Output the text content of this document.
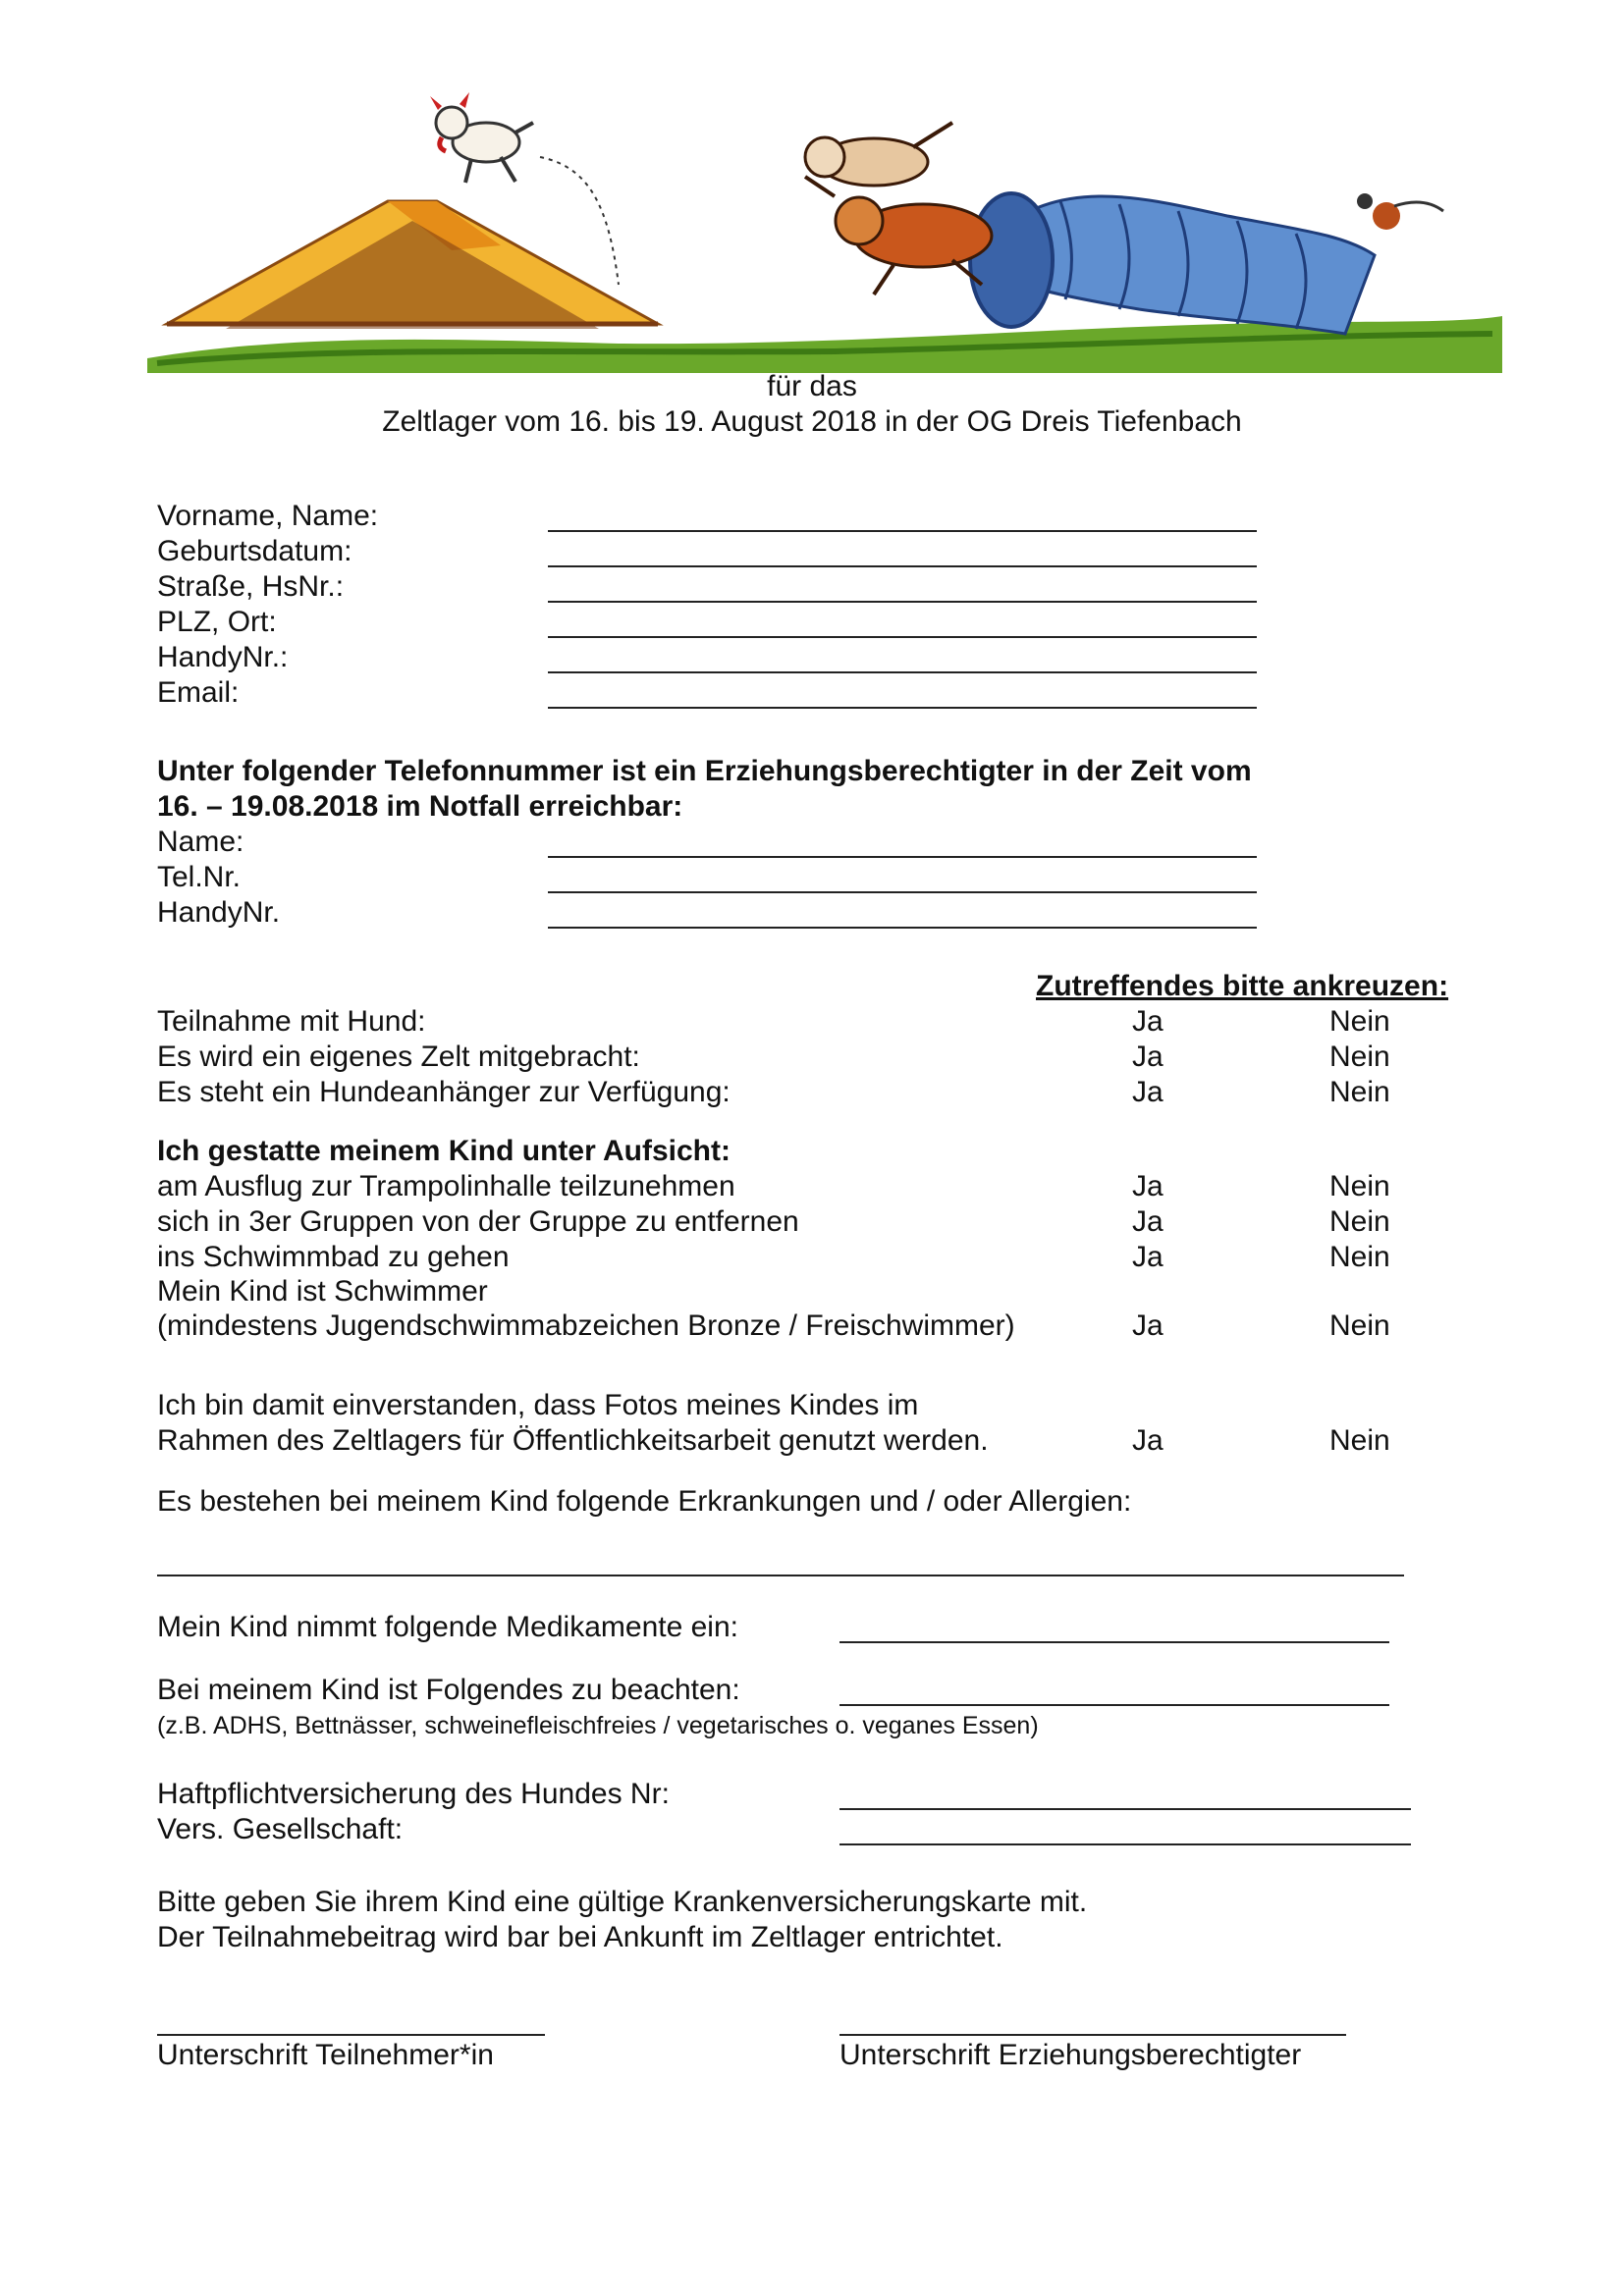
für das
Zeltlager vom 16. bis 19. August 2018 in der OG Dreis Tiefenbach
Vorname, Name:
Geburtsdatum:
Straße, HsNr.:
PLZ, Ort:
HandyNr.:
Email:
Unter folgender Telefonnummer ist ein Erziehungsberechtigter in der Zeit vom
16. – 19.08.2018 im Notfall erreichbar:
Name:
Tel.Nr.
HandyNr.
Zutreffendes bitte ankreuzen:
Teilnahme mit Hund:	Ja	Nein
Es wird ein eigenes Zelt mitgebracht:	Ja	Nein
Es steht ein Hundeanhänger zur Verfügung:	Ja	Nein
Ich gestatte meinem Kind unter Aufsicht:
am Ausflug zur Trampolinhalle teilzunehmen	Ja	Nein
sich in 3er Gruppen von der Gruppe zu entfernen	Ja	Nein
ins Schwimmbad zu gehen	Ja	Nein
Mein Kind ist Schwimmer
(mindestens Jugendschwimmabzeichen Bronze / Freischwimmer)	Ja	Nein
Ich bin damit einverstanden, dass Fotos meines Kindes im
Rahmen des Zeltlagers für Öffentlichkeitsarbeit genutzt werden.	Ja	Nein
Es bestehen bei meinem Kind folgende Erkrankungen und / oder Allergien:
Mein Kind nimmt folgende Medikamente ein:
Bei meinem Kind ist Folgendes zu beachten:
(z.B. ADHS, Bettnässer, schweinefleischfreies / vegetarisches o. veganes Essen)
Haftpflichtversicherung des Hundes Nr:
Vers. Gesellschaft:
Bitte geben Sie ihrem Kind eine gültige Krankenversicherungskarte mit.
Der Teilnahmebeitrag wird bar bei Ankunft im Zeltlager entrichtet.
Unterschrift Teilnehmer*in	Unterschrift Erziehungsberechtigter
